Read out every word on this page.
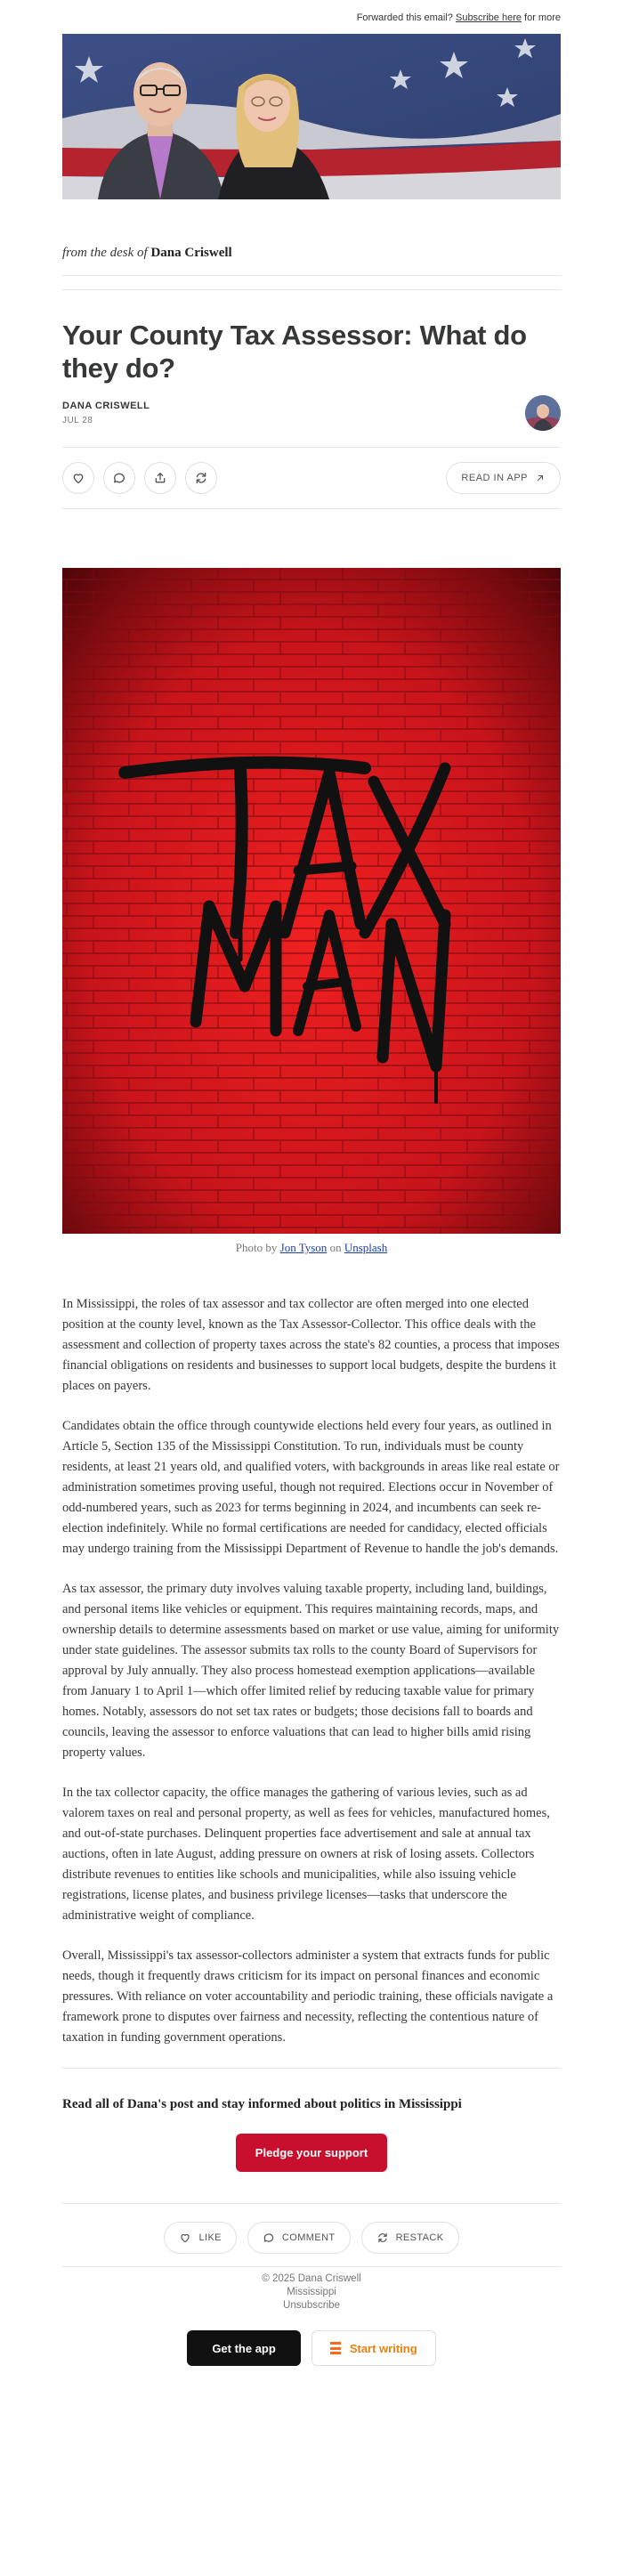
Forwarded this email? Subscribe here for more
from the desk of Dana Criswell
Your County Tax Assessor: What do they do?
DANA CRISWELL
JUL 28
READ IN APP
Photo by Jon Tyson on Unsplash

In Mississippi, the roles of tax assessor and tax collector are often merged into one elected position at the county level, known as the Tax Assessor-Collector. This office deals with the assessment and collection of property taxes across the state's 82 counties, a process that imposes financial obligations on residents and businesses to support local budgets, despite the burdens it places on payers.

Candidates obtain the office through countywide elections held every four years, as outlined in Article 5, Section 135 of the Mississippi Constitution. To run, individuals must be county residents, at least 21 years old, and qualified voters, with backgrounds in areas like real estate or administration sometimes proving useful, though not required. Elections occur in November of odd-numbered years, such as 2023 for terms beginning in 2024, and incumbents can seek re-election indefinitely. While no formal certifications are needed for candidacy, elected officials may undergo training from the Mississippi Department of Revenue to handle the job's demands.

As tax assessor, the primary duty involves valuing taxable property, including land, buildings, and personal items like vehicles or equipment. This requires maintaining records, maps, and ownership details to determine assessments based on market or use value, aiming for uniformity under state guidelines. The assessor submits tax rolls to the county Board of Supervisors for approval by July annually. They also process homestead exemption applications—available from January 1 to April 1—which offer limited relief by reducing taxable value for primary homes. Notably, assessors do not set tax rates or budgets; those decisions fall to boards and councils, leaving the assessor to enforce valuations that can lead to higher bills amid rising property values.

In the tax collector capacity, the office manages the gathering of various levies, such as ad valorem taxes on real and personal property, as well as fees for vehicles, manufactured homes, and out-of-state purchases. Delinquent properties face advertisement and sale at annual tax auctions, often in late August, adding pressure on owners at risk of losing assets. Collectors distribute revenues to entities like schools and municipalities, while also issuing vehicle registrations, license plates, and business privilege licenses—tasks that underscore the administrative weight of compliance.

Overall, Mississippi's tax assessor-collectors administer a system that extracts funds for public needs, though it frequently draws criticism for its impact on personal finances and economic pressures. With reliance on voter accountability and periodic training, these officials navigate a framework prone to disputes over fairness and necessity, reflecting the contentious nature of taxation in funding government operations.

Read all of Dana's post and stay informed about politics in Mississippi
Pledge your support
LIKE	COMMENT	RESTACK
© 2025 Dana Criswell
Mississippi
Unsubscribe
Get the app	Start writing
